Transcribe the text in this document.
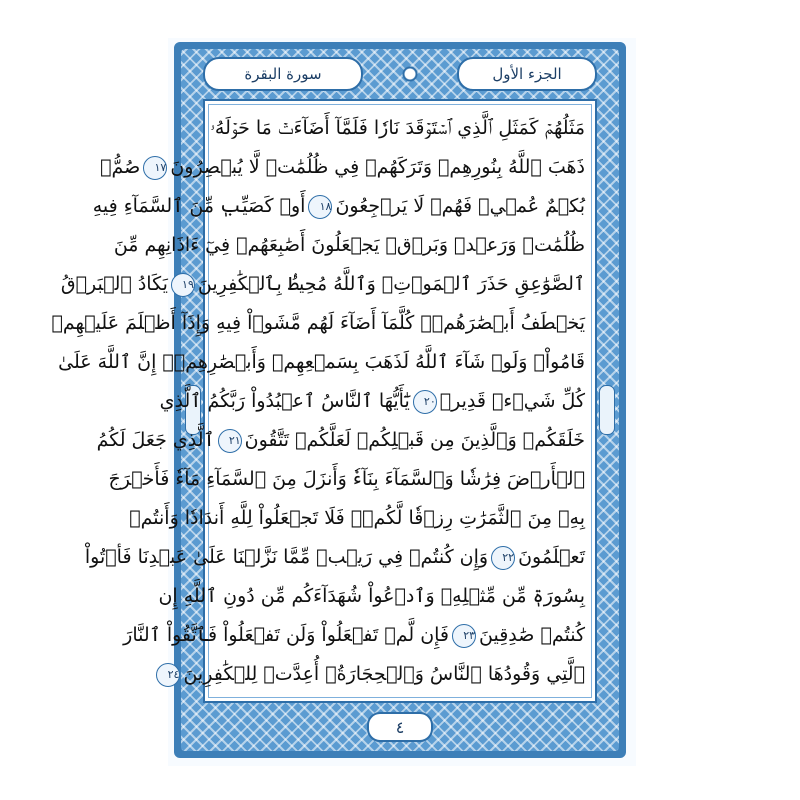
سورة البقرة	الجزء الأول
مَثَلُهُمۡ كَمَثَلِ ٱلَّذِي ٱسۡتَوۡقَدَ نَارٗا فَلَمَّآ أَضَآءَتۡ مَا حَوۡلَهُۥ
ذَهَبَ ٱللَّهُ بِنُورِهِمۡ وَتَرَكَهُمۡ فِي ظُلُمَٰتٖ لَّا يُبۡصِرُونَ١٧صُمُّۢ
بُكۡمٌ عُمۡيٞ فَهُمۡ لَا يَرۡجِعُونَ١٨أَوۡ كَصَيِّبٖ مِّنَ ٱلسَّمَآءِ فِيهِ
ظُلُمَٰتٞ وَرَعۡدٞ وَبَرۡقٞ يَجۡعَلُونَ أَصَٰبِعَهُمۡ فِيٓ ءَاذَانِهِم مِّنَ
ٱلصَّوَٰعِقِ حَذَرَ ٱلۡمَوۡتِۚ وَٱللَّهُ مُحِيطُۢ بِٱلۡكَٰفِرِينَ١٩يَكَادُ ٱلۡبَرۡقُ
يَخۡطَفُ أَبۡصَٰرَهُمۡۖ كُلَّمَآ أَضَآءَ لَهُم مَّشَوۡاْ فِيهِ وَإِذَآ أَظۡلَمَ عَلَيۡهِمۡ
قَامُواْۚ وَلَوۡ شَآءَ ٱللَّهُ لَذَهَبَ بِسَمۡعِهِمۡ وَأَبۡصَٰرِهِمۡۚ إِنَّ ٱللَّهَ عَلَىٰ
كُلِّ شَيۡءٖ قَدِيرٞ٢٠يَٰٓأَيُّهَا ٱلنَّاسُ ٱعۡبُدُواْ رَبَّكُمُ ٱلَّذِي
خَلَقَكُمۡ وَٱلَّذِينَ مِن قَبۡلِكُمۡ لَعَلَّكُمۡ تَتَّقُونَ٢١ٱلَّذِي جَعَلَ لَكُمُ
ٱلۡأَرۡضَ فِرَٰشٗا وَٱلسَّمَآءَ بِنَآءٗ وَأَنزَلَ مِنَ ٱلسَّمَآءِ مَآءٗ فَأَخۡرَجَ
بِهِۦ مِنَ ٱلثَّمَرَٰتِ رِزۡقٗا لَّكُمۡۖ فَلَا تَجۡعَلُواْ لِلَّهِ أَندَادٗا وَأَنتُمۡ
تَعۡلَمُونَ٢٢وَإِن كُنتُمۡ فِي رَيۡبٖ مِّمَّا نَزَّلۡنَا عَلَىٰ عَبۡدِنَا فَأۡتُواْ
بِسُورَةٖ مِّن مِّثۡلِهِۦ وَٱدۡعُواْ شُهَدَآءَكُم مِّن دُونِ ٱللَّهِ إِن
كُنتُمۡ صَٰدِقِينَ٢٣فَإِن لَّمۡ تَفۡعَلُواْ وَلَن تَفۡعَلُواْ فَٱتَّقُواْ ٱلنَّارَ
ٱلَّتِي وَقُودُهَا ٱلنَّاسُ وَٱلۡحِجَارَةُۖ أُعِدَّتۡ لِلۡكَٰفِرِينَ٢٤
٤
